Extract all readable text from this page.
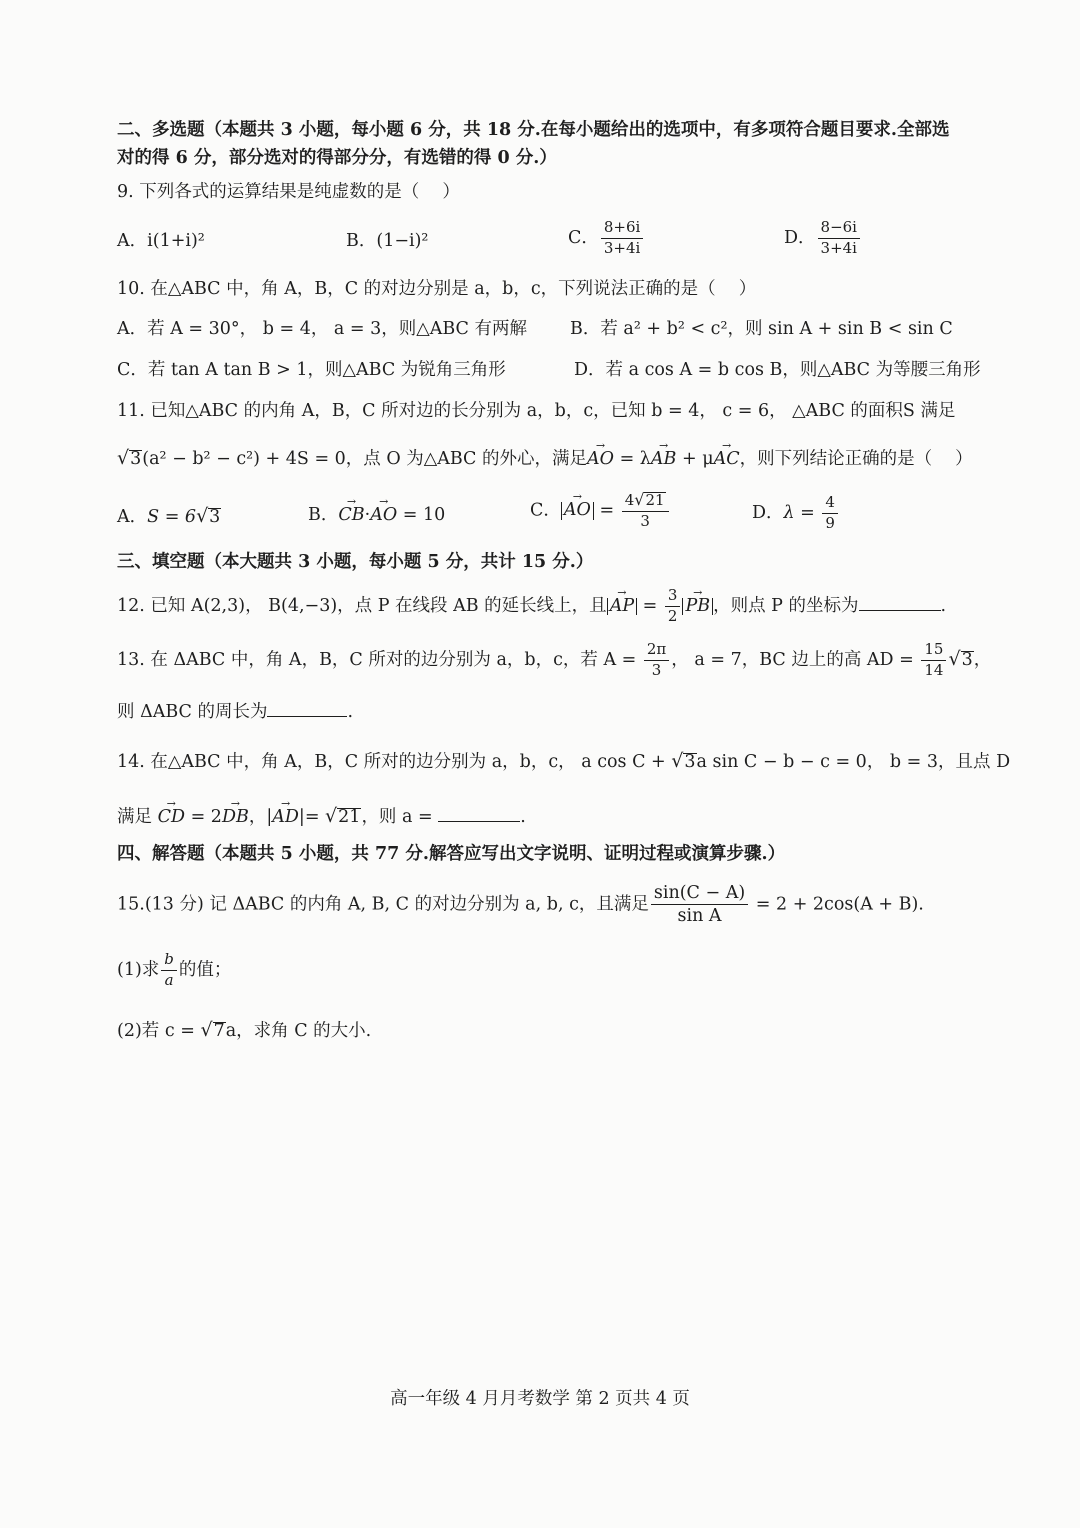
二、多选题（本题共 3 小题，每小题 6 分，共 18 分.在每小题给出的选项中，有多项符合题目要求.全部选
对的得 6 分，部分选对的得部分分，有选错的得 0 分.）
9. 下列各式的运算结果是纯虚数的是（　 ）
A．i(1+i)²	B．(1−i)²	C． $\frac{8+6i}{3+4i}$	D． $\frac{8-6i}{3+4i}$
10. 在△ABC 中，角 A，B，C 的对边分别是 a，b，c，下列说法正确的是（　 ）
A．若 A = 30°， b = 4， a = 3，则△ABC 有两解 B．若 a² + b² < c²，则 sin A + sin B < sin C
C．若 tan A tan B > 1，则△ABC 为锐角三角形	D．若 a cos A = b cos B，则△ABC 为等腰三角形
11. 已知△ABC 的内角 A，B，C 所对边的长分别为 a，b，c，已知 b = 4， c = 6， △ABC 的面积S 满足
√3(a² − b² − c²) + 4S = 0，点 O 为△ABC 的外心，满足→ AO = λ→ AB + μ→ AC，则下列结论正确的是（　 ）
A．S = 6√3	B．→ CB·→ AO = 10	C． → AO = $\frac{4√21}{3}$	D．$\lambda = \frac{4}{9}$
三、填空题（本大题共 3 小题，每小题 5 分，共计 15 分.）
12. 已知 A(2,3)， B(4,−3)，点 P 在线段 AB 的延长线上，且 → AP = $\frac{3}{2}$ → PB ，则点 P 的坐标为	.
13. 在 ΔABC 中，角 A，B，C 所对的边分别为 a，b，c，若 $A = \frac{2\pi}{3}$ ， a = 7，BC 边上的高 AD = $\frac{15}{14} √3$，
则 ΔABC 的周长为	.
14. 在△ABC 中，角 A，B，C 所对的边分别为 a，b，c， a cos C + √3a sin C − b − c = 0， b = 3，且点 D
满足 → CD = 2→ DB，|→ AD|= √21，则 a =	.
四、解答题（本题共 5 小题，共 77 分.解答应写出文字说明、证明过程或演算步骤.）
15.(13 分) 记 ΔABC 的内角 A, B, C 的对边分别为 a, b, c，且满足 $\frac{\sin(C - A)}{\text{sin A}} = 2 + 2\cos(A + B)$.
(1)求 $\frac{b}{a}$ 的值；
(2)若 c = √7a，求角 C 的大小.
高一年级 4 月月考数学 第 2 页共 4 页
